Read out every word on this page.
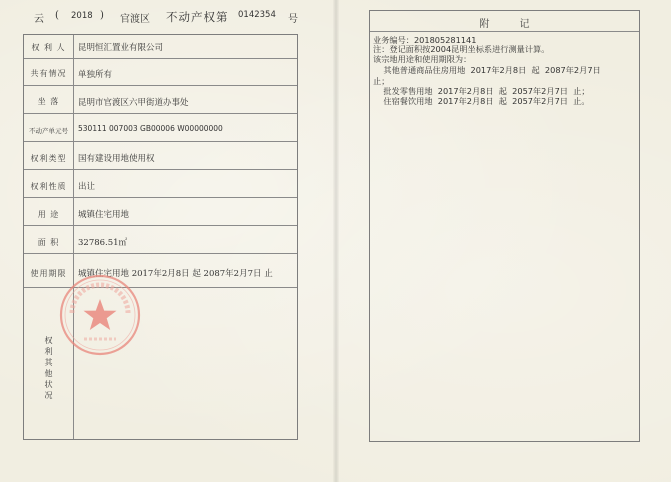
云 ( 2018 ) 官渡区 不动产权第 0142354 号
权 利 人	昆明恒汇置业有限公司
共有情况	单独所有
坐 落	昆明市官渡区六甲街道办事处
不动产单元号	530111 007003 GB00006 W00000000
权利类型	国有建设用地使用权
权利性质	出让
用 途	城镇住宅用地
面 积	32786.51㎡
使用期限	城镇住宅用地 2017年2月8日 起 2087年2月7日 止
权
利
其
他
状
况
附记
业务编号：201805281141
注：登记面积按2004昆明坐标系进行测量计算。
该宗地用途和使用期限为：
其他普通商品住房用地  2017年2月8日  起  2087年2月7日
止；
批发零售用地  2017年2月8日  起  2057年2月7日  止；
住宿餐饮用地  2017年2月8日  起  2057年2月7日  止。
